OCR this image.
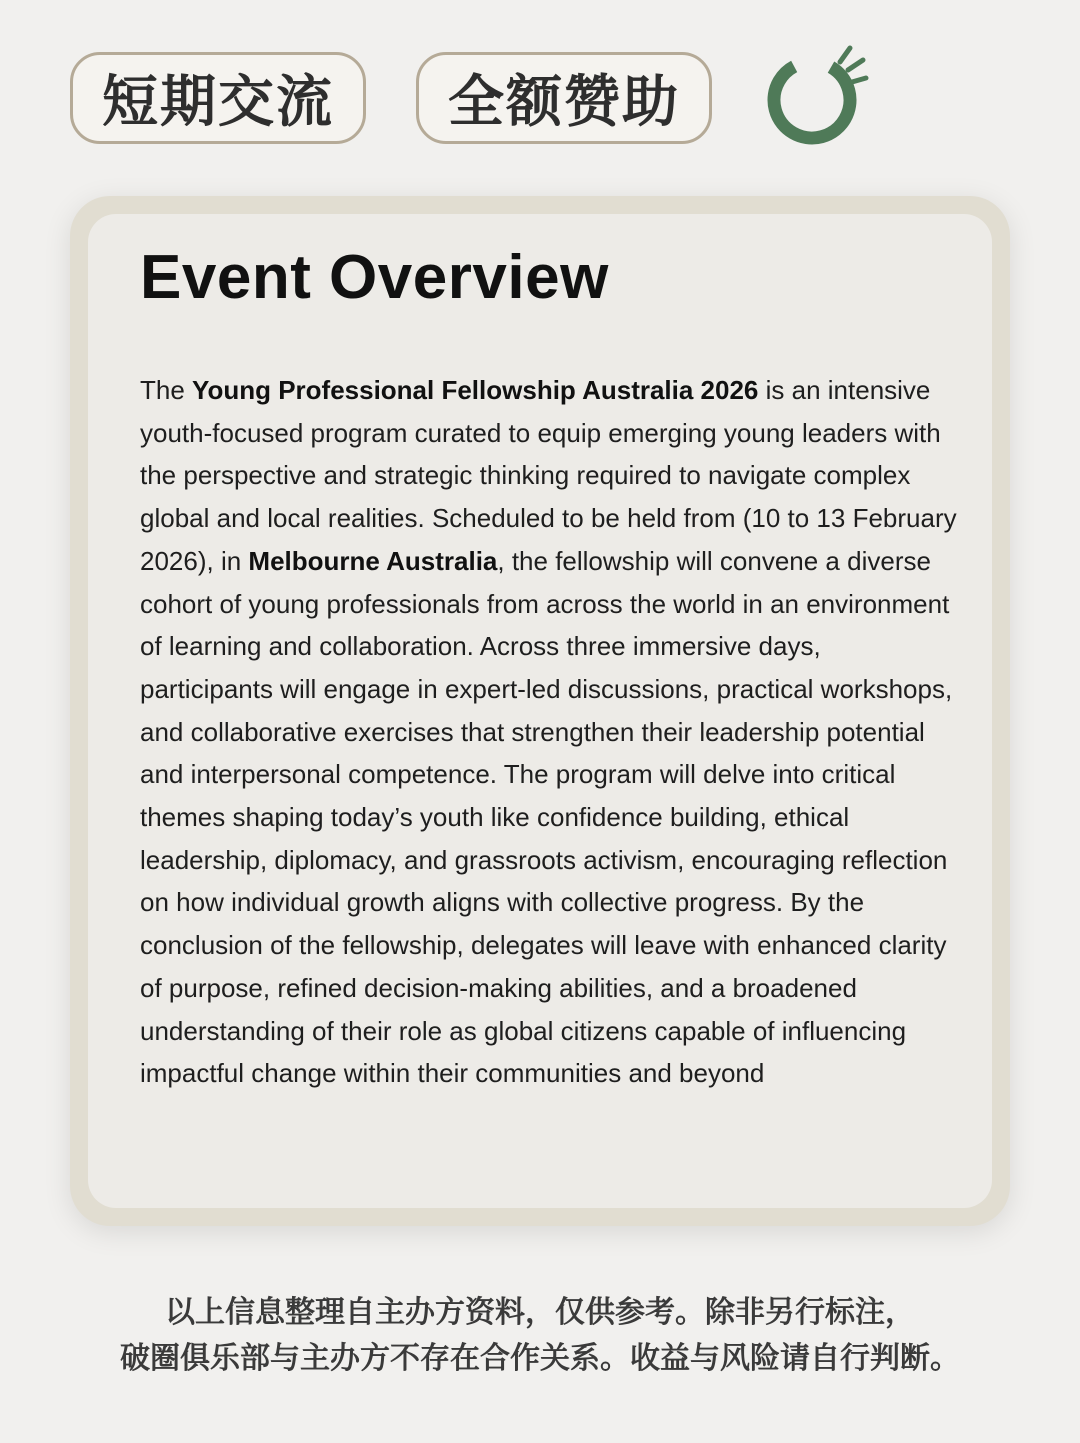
短期交流	全额赞助
Event Overview

The Young Professional Fellowship Australia 2026 is an intensive youth-focused program curated to equip emerging young leaders with the perspective and strategic thinking required to navigate complex global and local realities. Scheduled to be held from (10 to 13 February 2026), in Melbourne Australia, the fellowship will convene a diverse cohort of young professionals from across the world in an environment of learning and collaboration. Across three immersive days, participants will engage in expert-led discussions, practical workshops, and collaborative exercises that strengthen their leadership potential and interpersonal competence. The program will delve into critical themes shaping today’s youth like confidence building, ethical leadership, diplomacy, and grassroots activism, encouraging reflection on how individual growth aligns with collective progress. By the conclusion of the fellowship, delegates will leave with enhanced clarity of purpose, refined decision-making abilities, and a broadened understanding of their role as global citizens capable of influencing impactful change within their communities and beyond

以上信息整理自主办方资料，仅供参考。除非另行标注，
破圈俱乐部与主办方不存在合作关系。收益与风险请自行判断。
